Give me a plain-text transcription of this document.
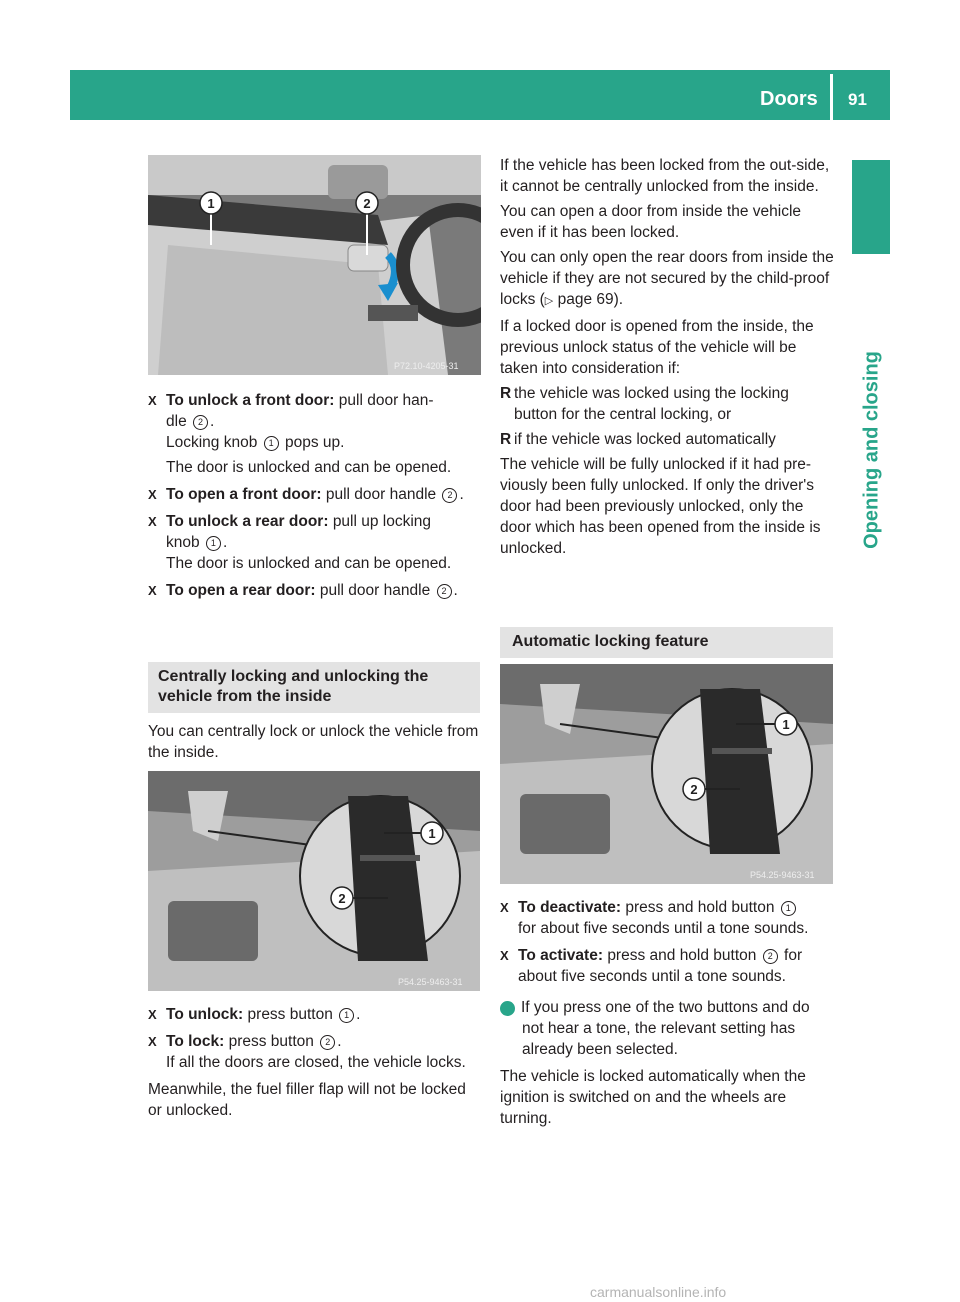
Doors 91
Opening and closing
1	2
P72.10-4205-31

X To unlock a front door: pull door han-
dle 2 .
Locking knob 1 pops up.

The door is unlocked and can be opened.

X To open a front door: pull door handle 2 .

X To unlock a rear door: pull up locking
knob 1 .
The door is unlocked and can be opened.

X To open a rear door: pull door handle 2 .

Centrally locking and unlocking the vehicle from the inside

You can centrally lock or unlock the vehicle from the inside.

1
2
P54.25-9463-31

X To unlock: press button 1 .

X To lock: press button 2 .
If all the doors are closed, the vehicle locks.

Meanwhile, the fuel filler flap will not be locked or unlocked.

If the vehicle has been locked from the out-side, it cannot be centrally unlocked from the inside.

You can open a door from inside the vehicle even if it has been locked.

You can only open the rear doors from inside the vehicle if they are not secured by the child-proof locks (▷ page 69).

If a locked door is opened from the inside, the previous unlock status of the vehicle will be taken into consideration if:

R the vehicle was locked using the locking button for the central locking, or

R if the vehicle was locked automatically

The vehicle will be fully unlocked if it had pre-viously been fully unlocked. If only the driver's door had been previously unlocked, only the door which has been opened from the inside is unlocked.

Automatic locking feature
1
2
P54.25-9463-31

X To deactivate: press and hold button 1
for about five seconds until a tone sounds.

X To activate: press and hold button 2 for about five seconds until a tone sounds.

i If you press one of the two buttons and do not hear a tone, the relevant setting has already been selected.

The vehicle is locked automatically when the ignition is switched on and the wheels are turning.

carmanualsonline.info
